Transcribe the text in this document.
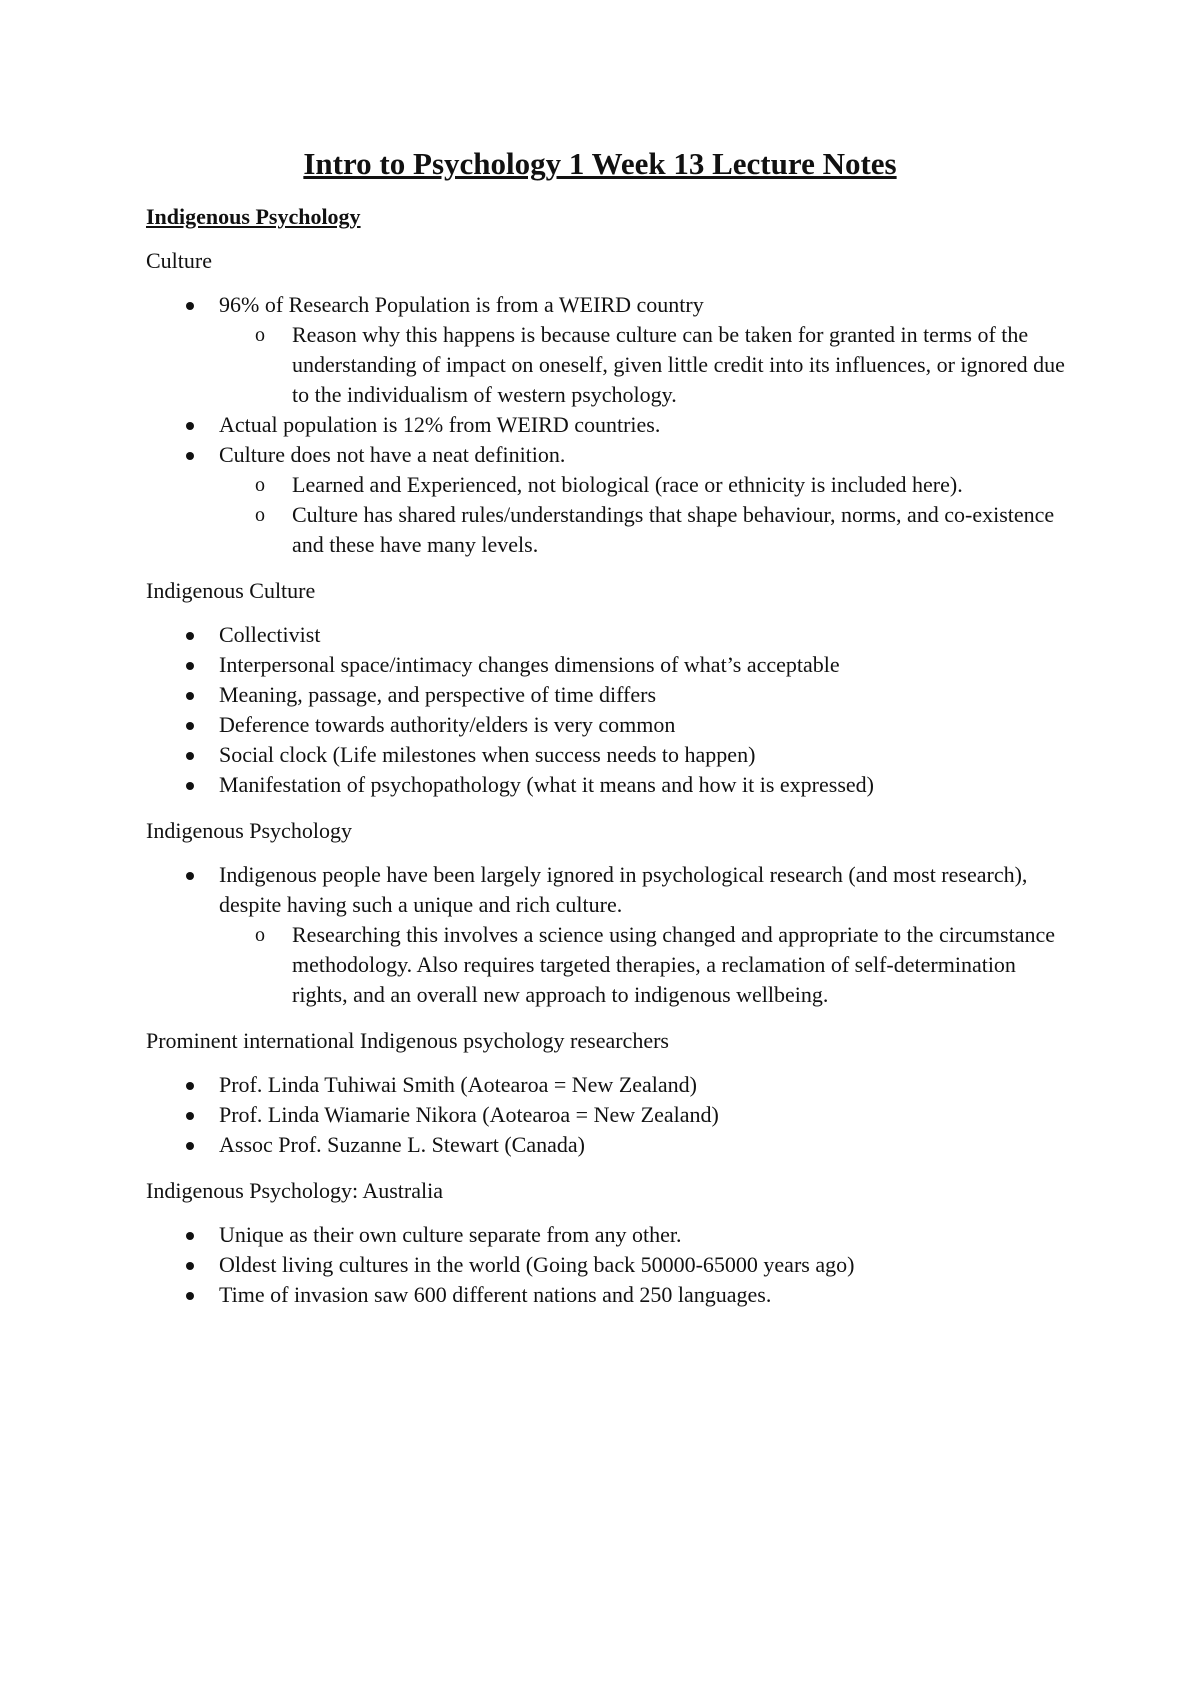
Intro to Psychology 1 Week 13 Lecture Notes

Indigenous Psychology

Culture

96% of Research Population is from a WEIRD country
o Reason why this happens is because culture can be taken for granted in terms of the understanding of impact on oneself, given little credit into its influences, or ignored due to the individualism of western psychology.
Actual population is 12% from WEIRD countries.
Culture does not have a neat definition.
o Learned and Experienced, not biological (race or ethnicity is included here).
o Culture has shared rules/understandings that shape behaviour, norms, and co-existence and these have many levels.

Indigenous Culture

Collectivist
Interpersonal space/intimacy changes dimensions of what’s acceptable
Meaning, passage, and perspective of time differs
Deference towards authority/elders is very common
Social clock (Life milestones when success needs to happen)
Manifestation of psychopathology (what it means and how it is expressed)

Indigenous Psychology

Indigenous people have been largely ignored in psychological research (and most research), despite having such a unique and rich culture.
o Researching this involves a science using changed and appropriate to the circumstance methodology. Also requires targeted therapies, a reclamation of self-determination rights, and an overall new approach to indigenous wellbeing.

Prominent international Indigenous psychology researchers

Prof. Linda Tuhiwai Smith (Aotearoa = New Zealand)
Prof. Linda Wiamarie Nikora (Aotearoa = New Zealand)
Assoc Prof. Suzanne L. Stewart (Canada)

Indigenous Psychology: Australia

Unique as their own culture separate from any other.
Oldest living cultures in the world (Going back 50000-65000 years ago)
Time of invasion saw 600 different nations and 250 languages.
